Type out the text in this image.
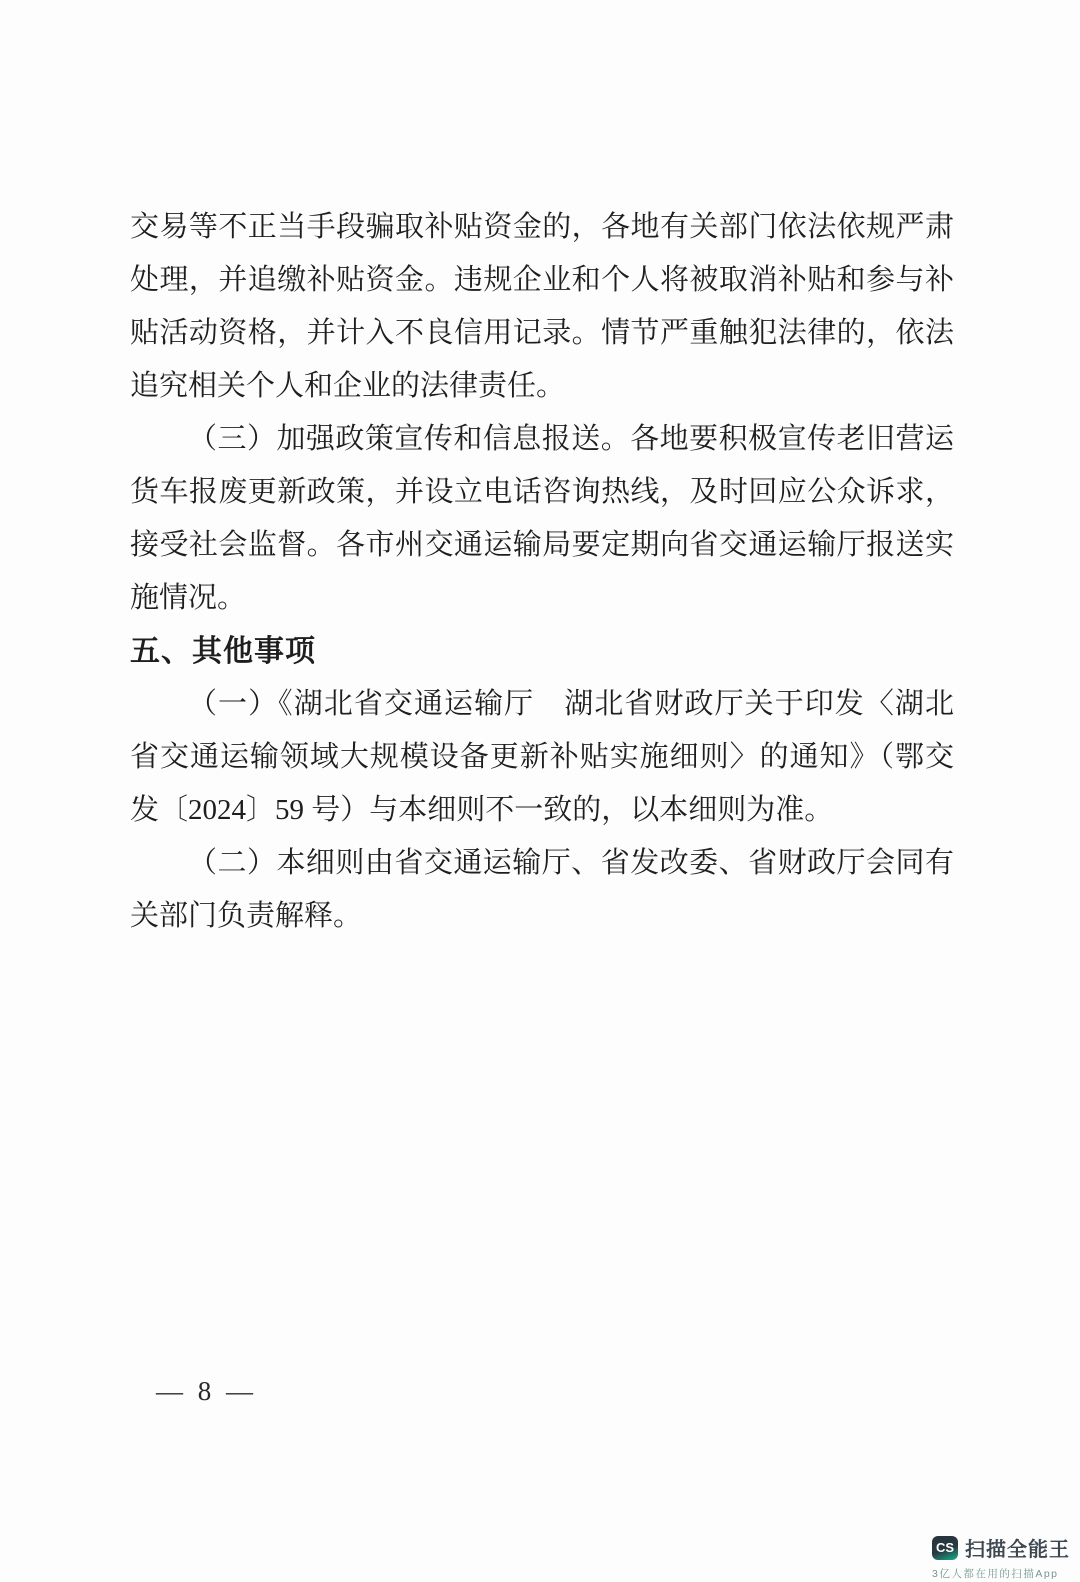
交易等不正当手段骗取补贴资金的，各地有关部门依法依规严肃处理，并追缴补贴资金。违规企业和个人将被取消补贴和参与补贴活动资格，并计入不良信用记录。情节严重触犯法律的，依法追究相关个人和企业的法律责任。

（三）加强政策宣传和信息报送。各地要积极宣传老旧营运货车报废更新政策，并设立电话咨询热线，及时回应公众诉求，接受社会监督。各市州交通运输局要定期向省交通运输厅报送实施情况。

五、其他事项

（一）《湖北省交通运输厅　湖北省财政厅关于印发〈湖北省交通运输领域大规模设备更新补贴实施细则〉的通知》（鄂交发〔2024〕59 号）与本细则不一致的，以本细则为准。

（二）本细则由省交通运输厅、省发改委、省财政厅会同有关部门负责解释。

— 8 —
CS 扫描全能王
3亿人都在用的扫描App
